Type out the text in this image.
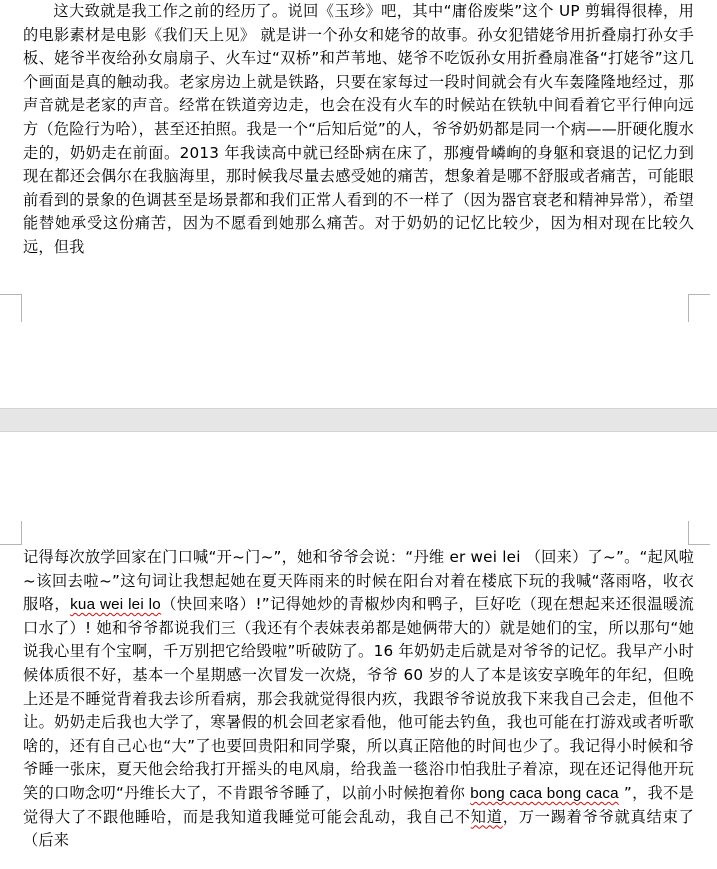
这大致就是我工作之前的经历了。说回《玉珍》吧，其中“庸俗废柴”这个 UP 剪辑得很棒，用的电影素材是电影《我们天上见》 就是讲一个孙女和姥爷的故事。孙女犯错姥爷用折叠扇打孙女手板、姥爷半夜给孙女扇扇子、火车过“双桥”和芦苇地、姥爷不吃饭孙女用折叠扇准备“打姥爷”这几个画面是真的触动我。老家房边上就是铁路，只要在家每过一段时间就会有火车轰隆隆地经过，那声音就是老家的声音。经常在铁道旁边走，也会在没有火车的时候站在铁轨中间看着它平行伸向远方（危险行为哈），甚至还拍照。我是一个“后知后觉”的人，爷爷奶奶都是同一个病——肝硬化腹水走的，奶奶走在前面。2013 年我读高中就已经卧病在床了，那瘦骨嶙峋的身躯和衰退的记忆力到现在都还会偶尔在我脑海里，那时候我尽量去感受她的痛苦，想象着是哪不舒服或者痛苦，可能眼前看到的景象的色调甚至是场景都和我们正常人看到的不一样了（因为器官衰老和精神异常），希望能替她承受这份痛苦，因为不愿看到她那么痛苦。对于奶奶的记忆比较少，因为相对现在比较久远，但我

记得每次放学回家在门口喊“开~门~”，她和爷爷会说：“丹维 er wei lei （回来）了~”。“起风啦~该回去啦~”这句词让我想起她在夏天阵雨来的时候在阳台对着在楼底下玩的我喊“落雨咯，收衣服咯，kua wei lei lo（快回来咯）!”记得她炒的青椒炒肉和鸭子，巨好吃（现在想起来还很温暖流口水了）! 她和爷爷都说我们三（我还有个表妹表弟都是她俩带大的）就是她们的宝，所以那句“她说我心里有个宝啊，千万别把它给毁啦”听破防了。16 年奶奶走后就是对爷爷的记忆。我早产小时候体质很不好，基本一个星期感一次冒发一次烧，爷爷 60 岁的人了本是该安享晚年的年纪，但晚上还是不睡觉背着我去诊所看病，那会我就觉得很内疚，我跟爷爷说放我下来我自己会走，但他不让。奶奶走后我也大学了，寒暑假的机会回老家看他，他可能去钓鱼，我也可能在打游戏或者听歌啥的，还有自己心也“大”了也要回贵阳和同学聚，所以真正陪他的时间也少了。我记得小时候和爷爷睡一张床，夏天他会给我打开摇头的电风扇，给我盖一毯浴巾怕我肚子着凉，现在还记得他开玩笑的口吻念叨“丹维长大了，不肯跟爷爷睡了，以前小时候抱着你 bong caca bong caca ”，我不是觉得大了不跟他睡哈，而是我知道我睡觉可能会乱动，我自己不知道，万一踢着爷爷就真结束了（后来
